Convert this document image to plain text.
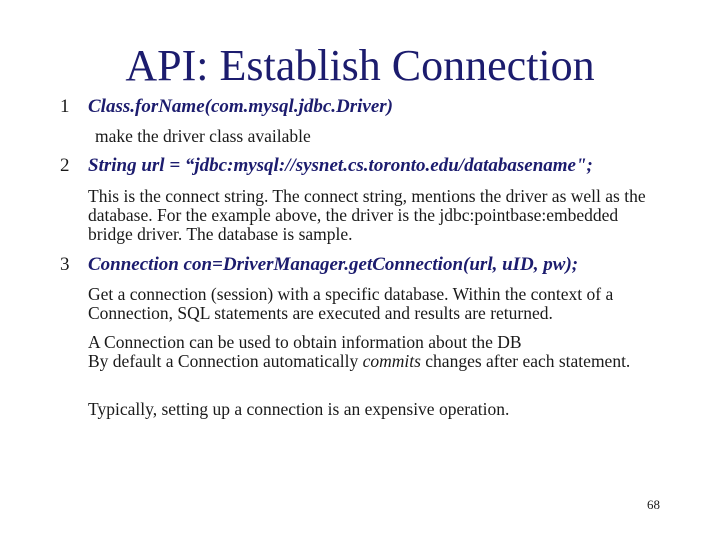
API: Establish Connection
1 Class.forName(com.mysql.jdbc.Driver)
make the driver class available
2 String url = “jdbc:mysql://sysnet.cs.toronto.edu/databasename";
This is the connect string. The connect string, mentions the driver as well as the database. For the example above, the driver is the jdbc:pointbase:embedded bridge driver. The database is sample.
3 Connection con=DriverManager.getConnection(url, uID, pw);
Get a connection (session) with a specific database. Within the context of a Connection, SQL statements are executed and results are returned.
A Connection can be used to obtain information about the DB
By default a Connection automatically commits changes after each statement.
Typically, setting up a connection is an expensive operation.
68
